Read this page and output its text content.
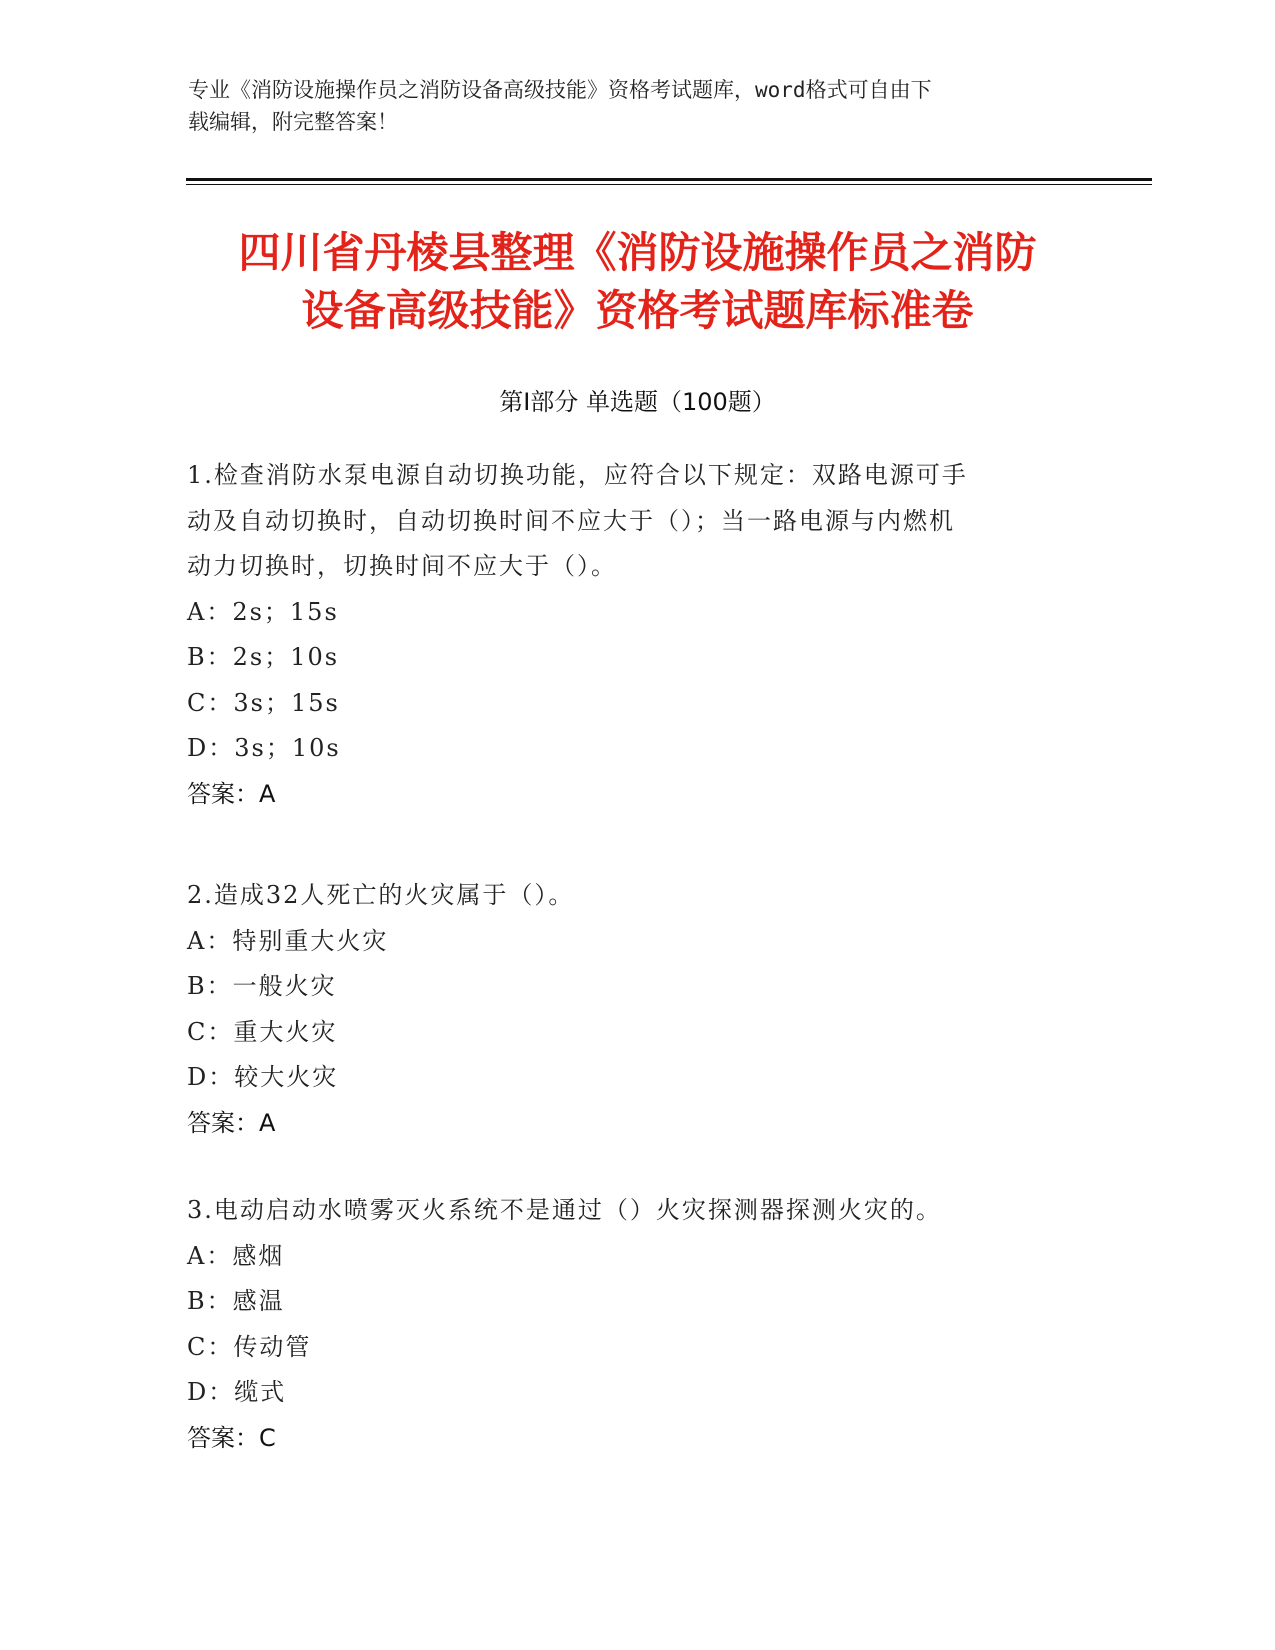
专业《消防设施操作员之消防设备高级技能》资格考试题库，word格式可自由下
载编辑，附完整答案！
四川省丹棱县整理《消防设施操作员之消防
设备高级技能》资格考试题库标准卷
第Ⅰ部分 单选题（100题）
1.检查消防水泵电源自动切换功能，应符合以下规定：双路电源可手
动及自动切换时，自动切换时间不应大于（）；当一路电源与内燃机
动力切换时，切换时间不应大于（）。
A：2s；15s
B：2s；10s
C：3s；15s
D：3s；10s
答案：A
2.造成32人死亡的火灾属于（）。
A：特别重大火灾
B：一般火灾
C：重大火灾
D：较大火灾
答案：A
3.电动启动水喷雾灭火系统不是通过（）火灾探测器探测火灾的。
A：感烟
B：感温
C：传动管
D：缆式
答案：C
